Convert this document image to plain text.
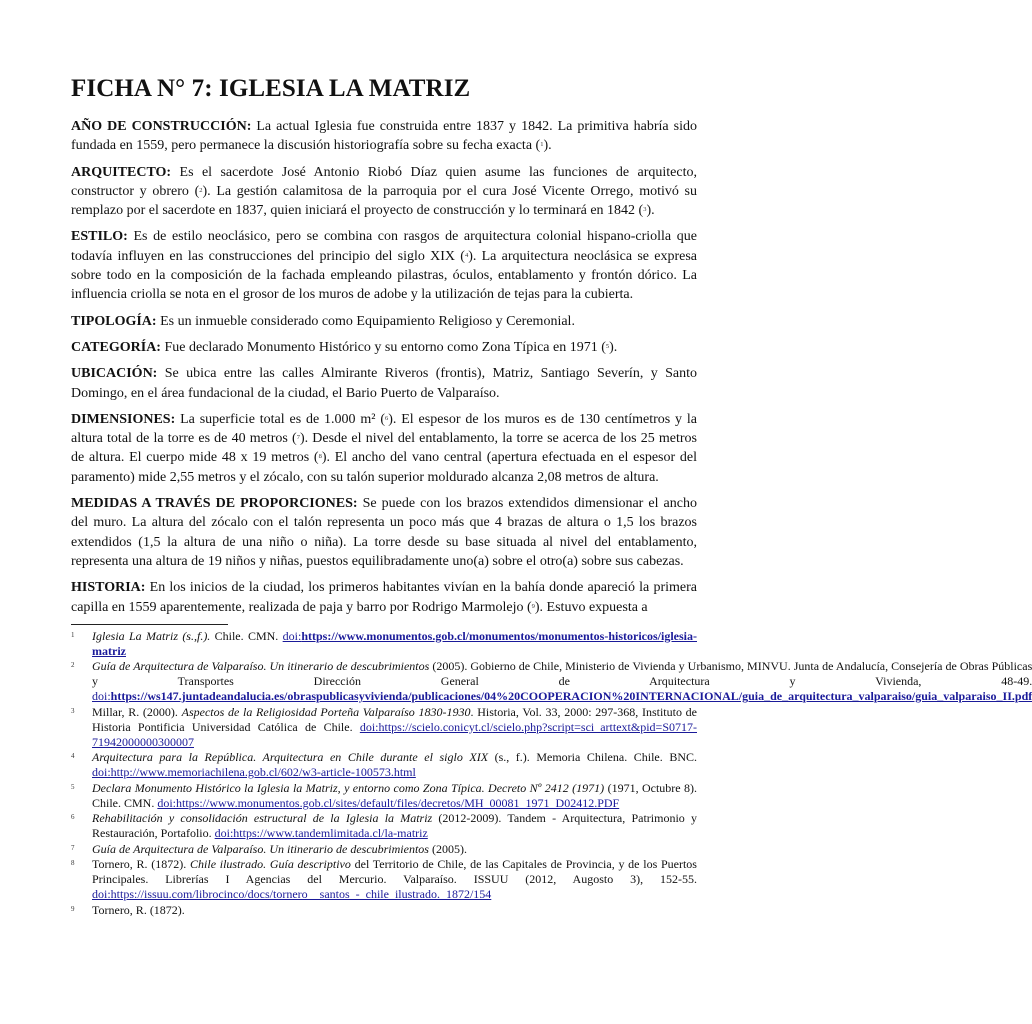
FICHA N° 7: IGLESIA LA MATRIZ

AÑO DE CONSTRUCCIÓN: La actual Iglesia fue construida entre 1837 y 1842. La primitiva habría sido fundada en 1559, pero permanece la discusión historiografía sobre su fecha exacta ($^1$).

ARQUITECTO: Es el sacerdote José Antonio Riobó Díaz quien asume las funciones de arquitecto, constructor y obrero ($^2$). La gestión calamitosa de la parroquia por el cura José Vicente Orrego, motivó su remplazo por el sacerdote en 1837, quien iniciará el proyecto de construcción y lo terminará en 1842 ($^3$).

ESTILO: Es de estilo neoclásico, pero se combina con rasgos de arquitectura colonial hispano-criolla que todavía influyen en las construcciones del principio del siglo XIX ($^4$). La arquitectura neoclásica se expresa sobre todo en la composición de la fachada empleando pilastras, óculos, entablamento y frontón dórico. La influencia criolla se nota en el grosor de los muros de adobe y la utilización de tejas para la cubierta.

TIPOLOGÍA: Es un inmueble considerado como Equipamiento Religioso y Ceremonial.

CATEGORÍA: Fue declarado Monumento Histórico y su entorno como Zona Típica en 1971 ($^5$).

UBICACIÓN: Se ubica entre las calles Almirante Riveros (frontis), Matriz, Santiago Severín, y Santo Domingo, en el área fundacional de la ciudad, el Bario Puerto de Valparaíso.

DIMENSIONES: La superficie total es de 1.000 m² ($^6$). El espesor de los muros es de 130 centímetros y la altura total de la torre es de 40 metros ($^7$). Desde el nivel del entablamento, la torre se acerca de los 25 metros de altura. El cuerpo mide 48 x 19 metros ($^8$). El ancho del vano central (apertura efectuada en el espesor del paramento) mide 2,55 metros y el zócalo, con su talón superior moldurado alcanza 2,08 metros de altura.

MEDIDAS A TRAVÉS DE PROPORCIONES: Se puede con los brazos extendidos dimensionar el ancho del muro. La altura del zócalo con el talón representa un poco más que 4 brazas de altura o 1,5 los brazos extendidos (1,5 la altura de una niño o niña). La torre desde su base situada al nivel del entablamento, representa una altura de 19 niños y niñas, puestos equilibradamente uno(a) sobre el otro(a) sobre sus cabezas.

HISTORIA: En los inicios de la ciudad, los primeros habitantes vivían en la bahía donde apareció la primera capilla en 1559 aparentemente, realizada de paja y barro por Rodrigo Marmolejo ($^9$). Estuvo expuesta a

1	Iglesia La Matriz (s.,f.). Chile. CMN. doi:https://www.monumentos.gob.cl/monumentos/monumentos-historicos/iglesia-matriz
2	Guía de Arquitectura de Valparaíso. Un itinerario de descubrimientos (2005). Gobierno de Chile, Ministerio de Vivienda y Urbanismo, MINVU. Junta de Andalucía, Consejería de Obras Públicas y Transportes Dirección General de Arquitectura y Vivienda, 48-49. doi:https://ws147.juntadeandalucia.es/obraspublicasyvivienda/publicaciones/04%20COOPERACION%20INTERNACIONAL/guia_de_arquitectura_valparaiso/guia_valparaiso_II.pdf
3	Millar, R. (2000). Aspectos de la Religiosidad Porteña Valparaíso 1830-1930. Historia, Vol. 33, 2000: 297-368, Instituto de Historia Pontificia Universidad Católica de Chile. doi:https://scielo.conicyt.cl/scielo.php?script=sci_arttext&pid=S0717-71942000000300007
4	Arquitectura para la República. Arquitectura en Chile durante el siglo XIX (s., f.). Memoria Chilena. Chile. BNC. doi:http://www.memoriachilena.gob.cl/602/w3-article-100573.html
5	Declara Monumento Histórico la Iglesia la Matriz, y entorno como Zona Típica. Decreto Nº 2412 (1971) (1971, Octubre 8). Chile. CMN. doi:https://www.monumentos.gob.cl/sites/default/files/decretos/MH_00081_1971_D02412.PDF
6	Rehabilitación y consolidación estructural de la Iglesia la Matriz (2012-2009). Tandem - Arquitectura, Patrimonio y Restauración, Portafolio. doi:https://www.tandemlimitada.cl/la-matriz
7	Guía de Arquitectura de Valparaíso. Un itinerario de descubrimientos (2005).
8	Tornero, R. (1872). Chile ilustrado. Guía descriptivo del Territorio de Chile, de las Capitales de Provincia, y de los Puertos Principales. Librerías I Agencias del Mercurio. Valparaíso. ISSUU (2012, Augosto 3), 152-55. doi:https://issuu.com/librocinco/docs/tornero__santos_-_chile_ilustrado._1872/154
9	Tornero, R. (1872).
